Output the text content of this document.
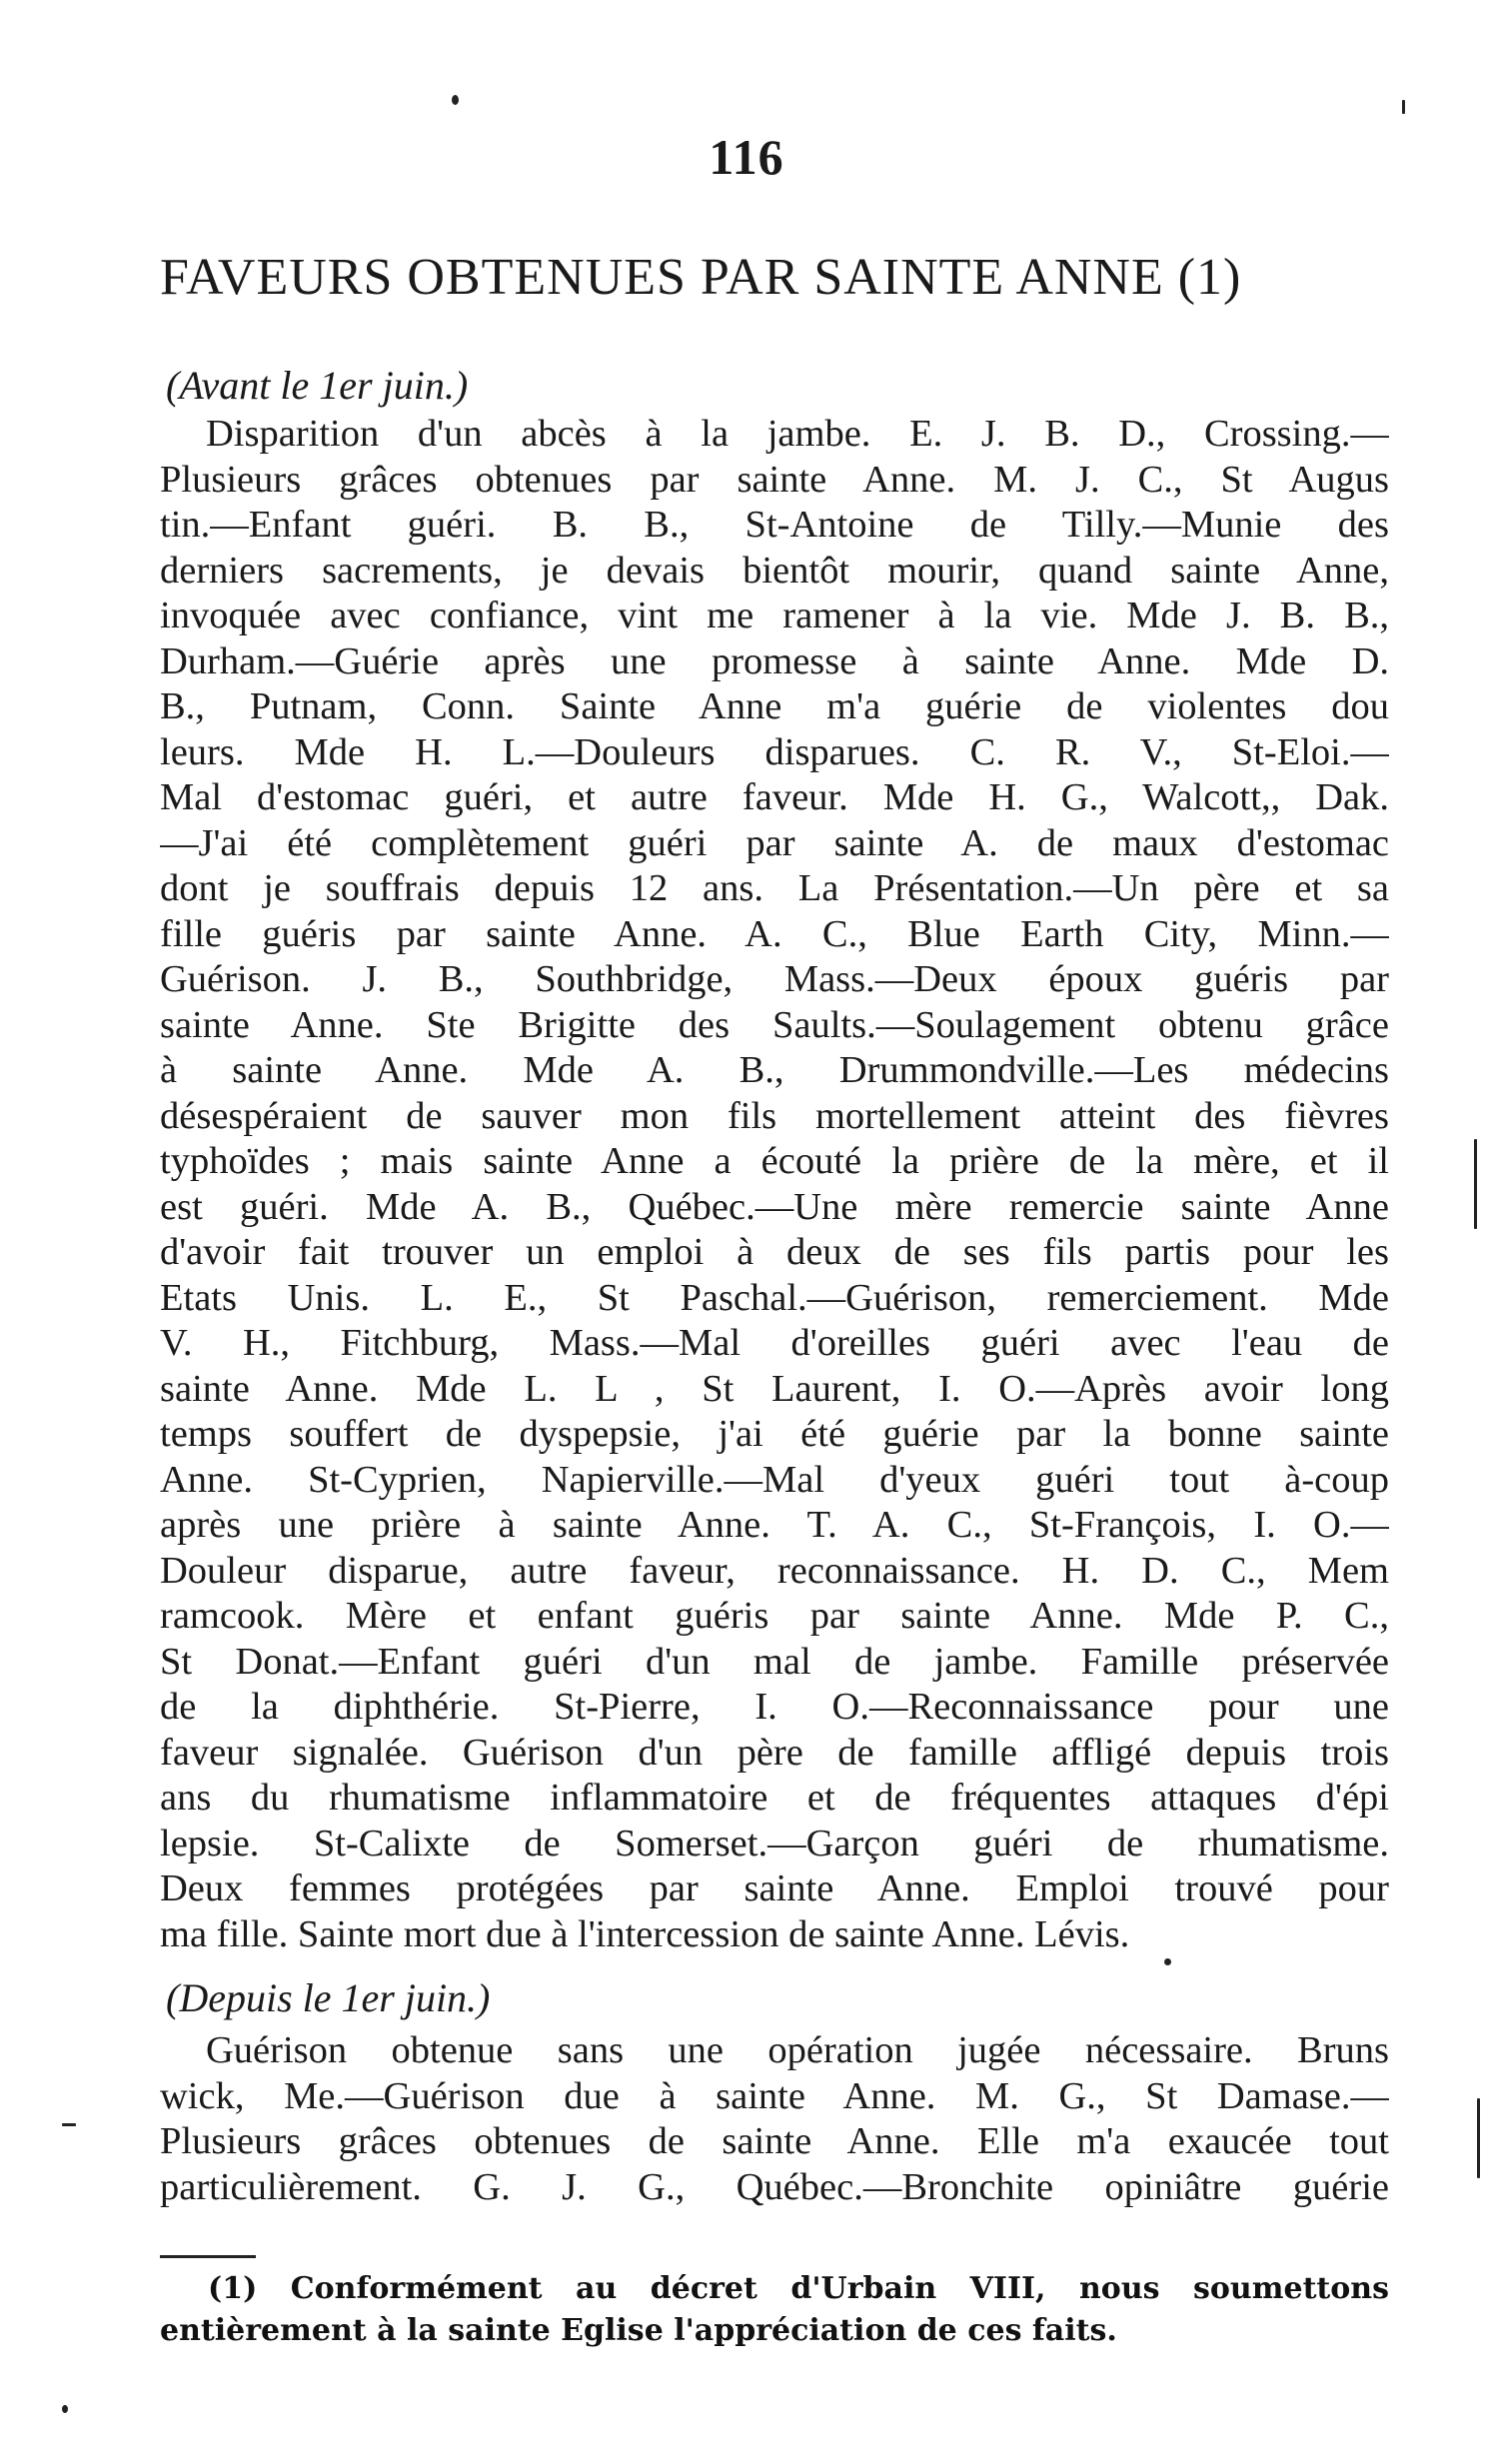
116
FAVEURS OBTENUES PAR SAINTE ANNE (1)
(Avant le 1er juin.)
Disparition d'un abcès à la jambe. E. J. B. D., Crossing.—
Plusieurs grâces obtenues par sainte Anne. M. J. C., St Augus
tin.—Enfant guéri. B. B., St-Antoine de Tilly.—Munie des
derniers sacrements, je devais bientôt mourir, quand sainte Anne,
invoquée avec confiance, vint me ramener à la vie. Mde J. B. B.,
Durham.—Guérie après une promesse à sainte Anne. Mde D.
B., Putnam, Conn. Sainte Anne m'a guérie de violentes dou
leurs. Mde H. L.—Douleurs disparues. C. R. V., St-Eloi.—
Mal d'estomac guéri, et autre faveur. Mde H. G., Walcott,, Dak.
—J'ai été complètement guéri par sainte A. de maux d'estomac
dont je souffrais depuis 12 ans. La Présentation.—Un père et sa
fille guéris par sainte Anne. A. C., Blue Earth City, Minn.—
Guérison. J. B., Southbridge, Mass.—Deux époux guéris par
sainte Anne. Ste Brigitte des Saults.—Soulagement obtenu grâce
à sainte Anne. Mde A. B., Drummondville.—Les médecins
désespéraient de sauver mon fils mortellement atteint des fièvres
typhoïdes ; mais sainte Anne a écouté la prière de la mère, et il
est guéri. Mde A. B., Québec.—Une mère remercie sainte Anne
d'avoir fait trouver un emploi à deux de ses fils partis pour les
Etats Unis. L. E., St Paschal.—Guérison, remerciement. Mde
V. H., Fitchburg, Mass.—Mal d'oreilles guéri avec l'eau de
sainte Anne. Mde L. L , St Laurent, I. O.—Après avoir long
temps souffert de dyspepsie, j'ai été guérie par la bonne sainte
Anne. St-Cyprien, Napierville.—Mal d'yeux guéri tout à-coup
après une prière à sainte Anne. T. A. C., St-François, I. O.—
Douleur disparue, autre faveur, reconnaissance. H. D. C., Mem
ramcook. Mère et enfant guéris par sainte Anne. Mde P. C.,
St Donat.—Enfant guéri d'un mal de jambe. Famille préservée
de la diphthérie. St-Pierre, I. O.—Reconnaissance pour une
faveur signalée. Guérison d'un père de famille affligé depuis trois
ans du rhumatisme inflammatoire et de fréquentes attaques d'épi
lepsie. St-Calixte de Somerset.—Garçon guéri de rhumatisme.
Deux femmes protégées par sainte Anne. Emploi trouvé pour
ma fille. Sainte mort due à l'intercession de sainte Anne. Lévis.
(Depuis le 1er juin.)
Guérison obtenue sans une opération jugée nécessaire. Bruns
wick, Me.—Guérison due à sainte Anne. M. G., St Damase.—
Plusieurs grâces obtenues de sainte Anne. Elle m'a exaucée tout
particulièrement. G. J. G., Québec.—Bronchite opiniâtre guérie
(1) Conformément au décret d'Urbain VIII, nous soumettons
entièrement à la sainte Eglise l'appréciation de ces faits.
